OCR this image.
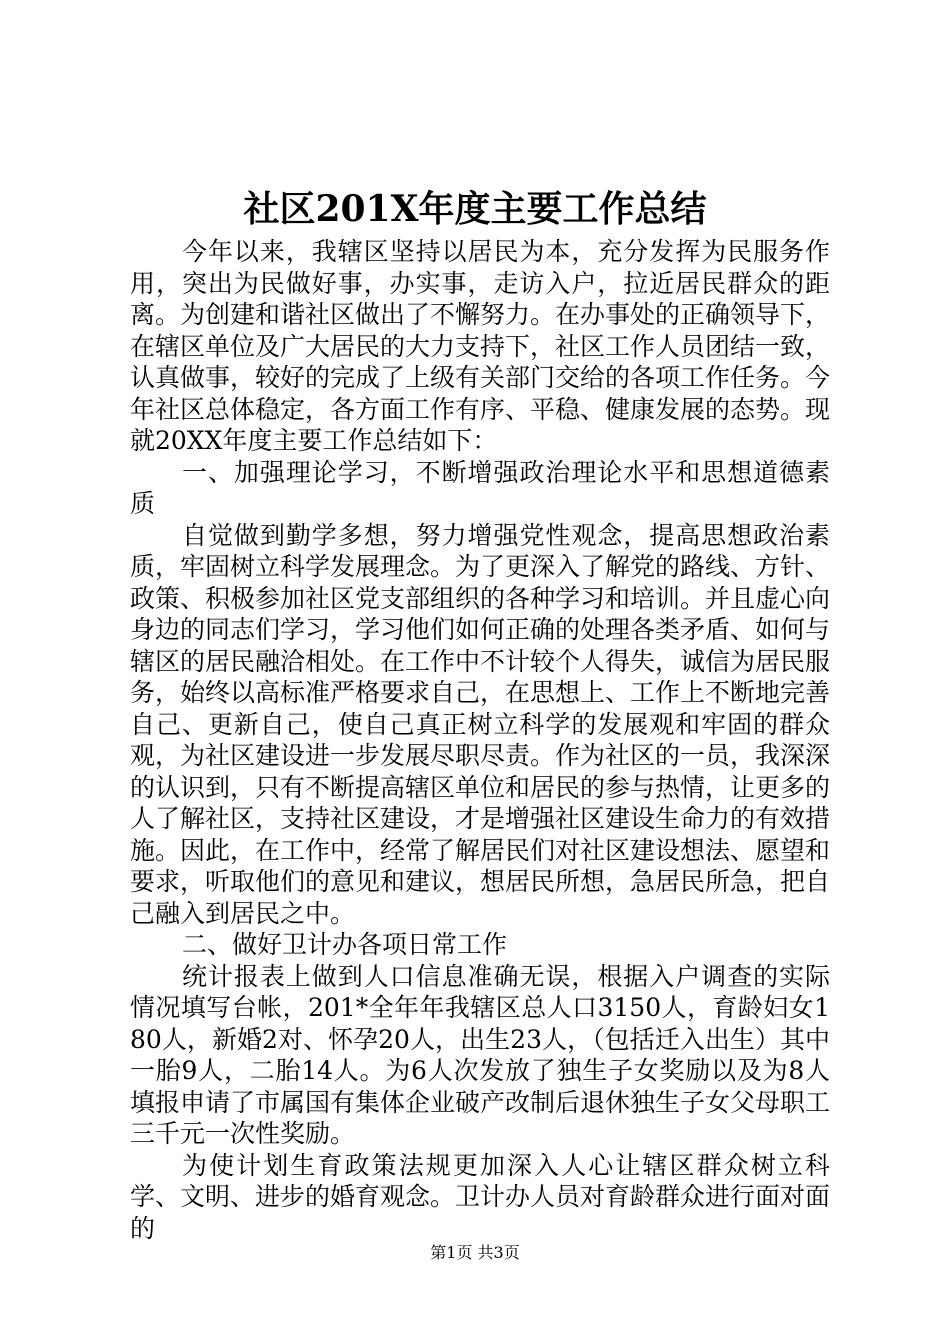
社区201X年度主要工作总结

今年以来，我辖区坚持以居民为本，充分发挥为民服务作用，突出为民做好事，办实事，走访入户，拉近居民群众的距离。为创建和谐社区做出了不懈努力。在办事处的正确领导下，在辖区单位及广大居民的大力支持下，社区工作人员团结一致，认真做事，较好的完成了上级有关部门交给的各项工作任务。今年社区总体稳定，各方面工作有序、平稳、健康发展的态势。现就20XX年度主要工作总结如下：

一、加强理论学习，不断增强政治理论水平和思想道德素质

自觉做到勤学多想，努力增强党性观念，提高思想政治素质，牢固树立科学发展理念。为了更深入了解党的路线、方针、政策、积极参加社区党支部组织的各种学习和培训。并且虚心向身边的同志们学习，学习他们如何正确的处理各类矛盾、如何与辖区的居民融洽相处。在工作中不计较个人得失，诚信为居民服务，始终以高标准严格要求自己，在思想上、工作上不断地完善自己、更新自己，使自己真正树立科学的发展观和牢固的群众观，为社区建设进一步发展尽职尽责。作为社区的一员，我深深的认识到，只有不断提高辖区单位和居民的参与热情，让更多的人了解社区，支持社区建设，才是增强社区建设生命力的有效措施。因此，在工作中，经常了解居民们对社区建设想法、愿望和要求，听取他们的意见和建议，想居民所想，急居民所急，把自己融入到居民之中。

二、做好卫计办各项日常工作

统计报表上做到人口信息准确无误，根据入户调查的实际情况填写台帐，201*全年年我辖区总人口3150人，育龄妇女180人，新婚2对、怀孕20人，出生23人，（包括迁入出生）其中一胎9人，二胎14人。为6人次发放了独生子女奖励以及为8人填报申请了市属国有集体企业破产改制后退休独生子女父母职工三千元一次性奖励。

为使计划生育政策法规更加深入人心让辖区群众树立科学、文明、进步的婚育观念。卫计办人员对育龄群众进行面对面的

第1页 共3页
